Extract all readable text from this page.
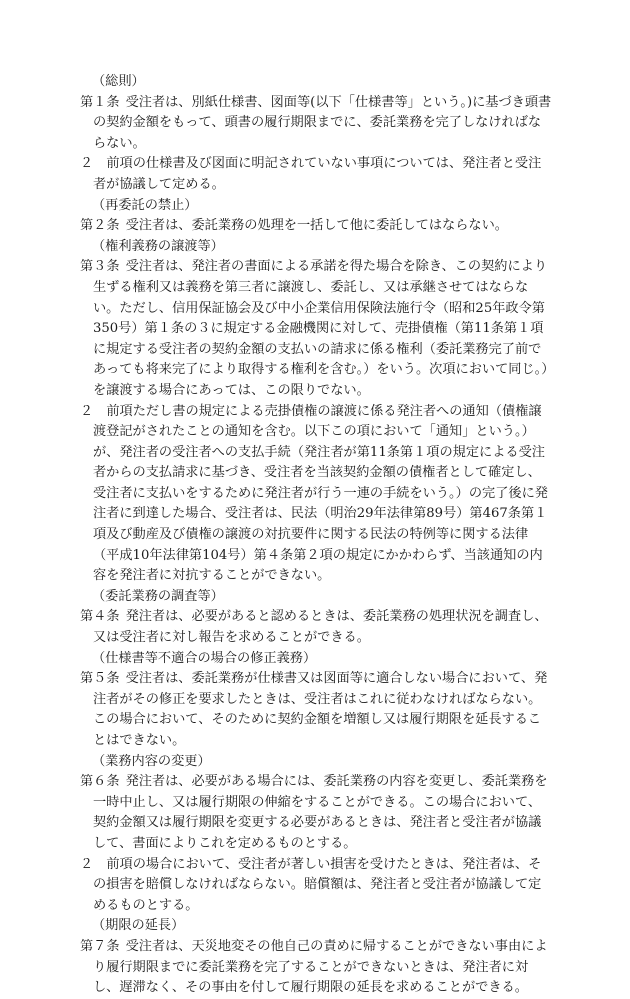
（総則）
第１条 受注者は、別紙仕様書、図面等(以下「仕様書等」という。)に基づき頭書の契約金額をもって、頭書の履行期限までに、委託業務を完了しなければならない。
２　 前項の仕様書及び図面に明記されていない事項については、発注者と受注者が協議して定める。
（再委託の禁止）
第２条 受注者は、委託業務の処理を一括して他に委託してはならない。
（権利義務の譲渡等）
第３条 受注者は、発注者の書面による承諾を得た場合を除き、この契約により生ずる権利又は義務を第三者に譲渡し、委託し、又は承継させてはならない。ただし、信用保証協会及び中小企業信用保険法施行令（昭和25年政令第350号）第１条の３に規定する金融機関に対して、売掛債権（第11条第１項に規定する受注者の契約金額の支払いの請求に係る権利（委託業務完了前であっても将来完了により取得する権利を含む。）をいう。次項において同じ。）を譲渡する場合にあっては、この限りでない。
２　 前項ただし書の規定による売掛債権の譲渡に係る発注者への通知（債権譲渡登記がされたことの通知を含む。以下この項において「通知」という。）が、発注者の受注者への支払手続（発注者が第11条第１項の規定による受注者からの支払請求に基づき、受注者を当該契約金額の債権者として確定し、受注者に支払いをするために発注者が行う一連の手続をいう。）の完了後に発注者に到達した場合、受注者は、民法（明治29年法律第89号）第467条第１項及び動産及び債権の譲渡の対抗要件に関する民法の特例等に関する法律（平成10年法律第104号）第４条第２項の規定にかかわらず、当該通知の内容を発注者に対抗することができない。
（委託業務の調査等）
第４条 発注者は、必要があると認めるときは、委託業務の処理状況を調査し、又は受注者に対し報告を求めることができる。
（仕様書等不適合の場合の修正義務）
第５条 受注者は、委託業務が仕様書又は図面等に適合しない場合において、発注者がその修正を要求したときは、受注者はこれに従わなければならない。この場合において、そのために契約金額を増額し又は履行期限を延長することはできない。
（業務内容の変更）
第６条 発注者は、必要がある場合には、委託業務の内容を変更し、委託業務を一時中止し、又は履行期限の伸縮をすることができる。この場合において、契約金額又は履行期限を変更する必要があるときは、発注者と受注者が協議して、書面によりこれを定めるものとする。
２　 前項の場合において、受注者が著しい損害を受けたときは、発注者は、その損害を賠償しなければならない。賠償額は、発注者と受注者が協議して定めるものとする。
（期限の延長）
第７条 受注者は、天災地変その他自己の責めに帰することができない事由により履行期限までに委託業務を完了することができないときは、発注者に対し、遅滞なく、その事由を付して履行期限の延長を求めることができる。
